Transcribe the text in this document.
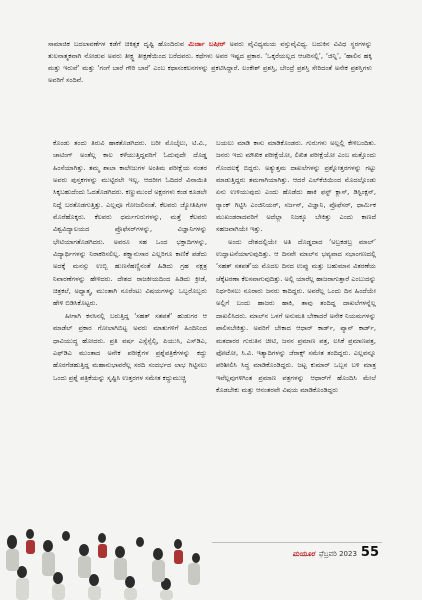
ಸಾಮಾಜಿಕ ಬದಲಾವಣೆಗಳ ಕಡೆಗೆ ಚಿಕಿತ್ಸಕ ದೃಷ್ಟಿ ಹೊಂದಿರುವ ಮಿರ್ಜಾ ಬಷೀರ್ ಅವರು ವೈವಿಧ್ಯಮಯ ವಸ್ತುವೈವಿಧ್ಯ. ಬದುಕಿನ ವಿವಿಧ ಸ್ಥರಗಳನ್ನು ತುಲನಾತ್ಮಕವಾಗಿ ನೋಡುವ ಅವರು ತೀಕ್ಷ್ಣ ತೀಕ್ಷಣೆಯಿಂದ ಬರೆದವರು. ಕಥೆಗಳು ಅವರ ಇಷ್ಟದ ಪ್ರಕಾರ. ‘ಒಕ್ಕರೆಯಲ್ಲದ ಆಚರಿಸಲ್ಲಿ’, ‘ಜಿನ್ನಿ’, ‘ಹಾಲಿನ ಹಕ್ಕಿ ಮತ್ತು ಇರುವೆ’ ಮತ್ತು ‘ಗಂಗೆ ಬಾರೆ ಗೌರಿ ಬಾರೆ’ ಎಂಬ ಕಥಾಸಂಕಲನಗಳನ್ನು ಪ್ರಕಟಿಸಿದ್ದಾರೆ. ಲಂಕೇಶ್ ಪ್ರಶಸ್ತಿ, ಬೇಂದ್ರೆ ಪ್ರಶಸ್ತಿ ಸೇರಿದಂತೆ ಅನೇಕ ಪ್ರಶಸ್ತಿಗಳು ಅವರಿಗೆ ಸಂದಿವೆ.

ಕೊಂಡು ತಂದು ತಿರುವಿ ಹಾಕತೊಡಗಿದರು. ಬರೀ ಮೊಬೈಲು, ಟಿ.ವಿ., ಚಾಟಿಂಗ್ ಅಂತೆಲ್ಲ ಕಾಲ ಕಳೆಯುತ್ತಿದ್ದವರಿಗೆ ಓದುವುದೇ ದೊಡ್ಡ ಹಿಂಸೆಯಾಗಿತ್ತು. ತಮ್ಮ ಶಾಲಾ ಕಾಲೇಜುಗಳ ಅಂತಿಮ ಪರೀಕ್ಷೆಯ ನಂತರ ಅವರು ಪುಸ್ತಕಗಳನ್ನು ಮುಟ್ಟಿರಲೇ ಇಲ್ಲ. ಆದರೀಗ ಓದಿದರೆ ವಿನಾಯಿತಿ ಸಿಕ್ಕಬಹುದೆಂದು ಓದತೊಡಗಿದರು. ಕಣ್ಣುಮುಂದೆ ಅಕ್ಷರಗಳು ಕಂಡ ಕೂಡಲೇ ನಿದ್ದೆ ಬರತೊಡಗುತ್ತಿತ್ತು. ಎಲ್ಲವೂ ಗೋಜಲಿನಂತೆ. ಕೆಲವರು ಜ್ಯೋತಿಷಿಗಳ ಮೊರೆಹೊಕ್ಕರು. ಕೆಲವರು ಧರ್ಮಗುರುಗಳನ್ನು, ಮತ್ತೆ ಕೆಲವರು ವಿಶ್ವವಿದ್ಯಾಲಯದ ಪ್ರೊಫೆಸರ್‌ಗಳನ್ನು, ವಿಜ್ಞಾನಿಗಳನ್ನು ಭೇಟಿಯಾಗತೊಡಗಿದರು. ಅವರೂ ಸಹ ಒಂದ ಭಕ್ತಾದಿಗಳನ್ನು, ವಿದ್ಯಾರ್ಥಿಗಳನ್ನು ನಿರಾಕರಿಸಲಿಲ್ಲ. ಶಕ್ತ್ಯಾನುಸಾರ ಎಲ್ಲರಿಗೂ ಕಾಣಿಕೆ ಪಡೆದು ಅದಕ್ಕೆ ಮನಸ್ಸು ಉಬ್ಬಿ ಹುಣಸೆಹಣ್ಣಿನಂತೆ ಹಿಡಿದು ಗ್ರಹ ನಕ್ಷತ್ರ ನಿವಾರಣೆಗಳನ್ನು ಹೇಳಿದರು. ದೇಶದ ರಾಜಕೀಯದಿಂದ ಹಿಡಿದು ಕ್ರೀಡೆ, ಚಿತ್ರಕಲೆ, ಅಧ್ಯಾತ್ಮ, ಮುಂತಾಗಿ ನೂರೆಂಟು ವಿಷಯಗಳನ್ನು ಒಬ್ಬರೊಬ್ಬರು ಹೇಳಿ ಬಿಡಿಸಿಕೊಟ್ಟರು.

ಹೀಗಾಗಿ ಕನಸಿನಲ್ಲಿ ಬರುತ್ತಿದ್ದ ‘ಸಹತ್ ಸತಪತೆ’ ಹುಡುಗರ ಆ ಮಾಡೆಲ್ ಪ್ರಕಾರ ಗೋಲಾಗಿಬಿಟ್ಟ ಅವರು ಮಾತುಗಳಿಗೆ ಹಿಂದಿನಿಂದ ಧಾವಿಯುದ್ಧ ಹೋದರು. ಪ್ರತಿ ವರ್ಷ ಎಸ್ಸೆಸ್ಸೆಲ್ಸಿ, ಪಿಯುಸಿ, ಎಸ್‌ಡಿಎ, ಎಫ್‌ಡಿ‌ಎ ಮುಂತಾದ ಅನೇಕ ಪರೀಕ್ಷೆಗಳ ಪ್ರಶ್ನೆಪತ್ರಿಕೆಗಳನ್ನು ಕದ್ದು ಹೊರಗೆಡಹುತ್ತಿದ್ದ ಮಹಾನುಭಾವರೆಲ್ಲ ಸರದಿ ಸಂದರ್ಭದ ಲಾಭ ಗಿಟ್ಟಿಸಲು ಒಂದು ಪ್ರಶ್ನೆ ಪತ್ರಿಕೆಯನ್ನು ಸೃಷ್ಟಿಸಿ ಉತ್ತರಗಳ ಸಮೇತ ಕದ್ದುಮುಚ್ಚಿ

ಬಯಲು ಮಾಡಿ ಕಾಸು ಮಾಡಿಕೊಂಡರು. ಗುರುಗಳು ಅಲ್ಲಲ್ಲಿ ಕೇಳಿಬಂದಿತು. ಜನರು ಇದು ಮೌಖಿಕ ಪರೀಕ್ಷೆಯೋ, ಲಿಖಿತ ಪರೀಕ್ಷೆಯೋ ಎಂಬ ಮತ್ತೊಂದು ಗೊಂದಲಕ್ಕೆ ಬಿದ್ದರು. ಅತ್ಯುತ್ತಮ ದಾಖಲೆಗಳನ್ನು ಪ್ರಶ್ನೋತ್ತರಗಳನ್ನು ಗಟ್ಟು ಮಾಡುತ್ತಿದ್ದರು ತಮಗಾಗಿಯಾಗಿತ್ತು. ಆದರೆ ಎಲ್‌ಕೆಜಿಯಿಂದ ಮೊದಲ್ಗೊಂಡು ಏನು ಉಳಿಯುವುದು ಎಂದು ಹೊಡೆದು ಹಾಕಿ ಫಸ್ಟ್ ಕ್ಲಾಸ್, ಡಿಸ್ಟಿಂಕ್ಷನ್, ರ‍್ಯಾಂಕ್ ಗಿಟ್ಟಿಸಿ ಎಂಜಿನಿಯರ್, ಸರ್ಜನ್, ವಿಜ್ಞಾನಿ, ಪ್ರೊಫೆಸರ್, ಧಾರ್ಮಿಕ ಮುಖಂಡರಾದವರಿಗೆ ಅದೆಲ್ಲಾ ನಿಜಕ್ಕೂ ಬೇಕಿತ್ತು ಎಂದು ಕಾಣದೆ ಸಹಜವಾಗಿಯೇ ಇತ್ತು.

ಅಂದು ದೇಶದಲ್ಲಿಯೇ ಅತಿ ದೊಡ್ಡದಾದ ‘ಅಬ್ರಕಡಬ್ರ ಮಾಲ್’ ಉದ್ಘಾಟನೆಯಾಗುವುದಿತ್ತು. ಆ ದಿನವೇ ಮಾಲ್‌ನ ಭವ್ಯವಾದ ಸಭಾಂಗಣದಲ್ಲಿ ‘ಸಹತ್ ಸತಪತೆ’ಯ ಮೊದಲ ದಿನದ ಉಪ್ಪು ಮತ್ತು ಬಹುಮಾನ ವಿತರಣೆಯ ಚೆಕ್ಕೆಟರಣಾ ಕೆಲಸವಾಗುವುದಿತ್ತು. ಅಲ್ಲಿ ಯಾರೆಲ್ಲ ಹಾಜರಾಗುತ್ತಾರೆ ಎಂಬುದನ್ನು ನಿರ್ಧರಿಸಲು ನೂರಾರು ಜನರು ಕಾದಿದ್ದರು. ಅವರೆಲ್ಲ ಒಂದು ದಿನ ಹಿಂದೆಯೇ ಅಲ್ಲಿಗೆ ಬಂದು ಹಾಜರು ಹಾಕಿ, ತಾವು ತಂದಿದ್ದ ದಾಖಲೆಗಳನ್ನೆಲ್ಲ ದಾಖಲಿಸಿದರು. ಮಾಲ್‌ನ ಒಳಗೆ ಅನುಮತಿ ಬೇಕಾದರೆ ಅನೇಕ ನಿಯಮಗಳನ್ನು ಪಾಲಿಸಬೇಕಿತ್ತು. ಅವರಿಗೆ ಬೇಕಾದ ಆಧಾರ್ ಕಾರ್ಡ್, ಪ್ಯಾನ್ ಕಾರ್ಡ್, ಮತದಾರರ ಗುರುತಿನ ಚೀಟಿ, ಜನನ ಪ್ರಮಾಣ ಪತ್ರ, ಲಸಿಕೆ ಪ್ರಮಾಣಪತ್ರ, ಫೋಟೋ, ಸಿ.ವಿ. ಇತ್ಯಾದಿಗಳನ್ನು ಜೆರಾಕ್ಸ್ ಸಮೇತ ತಂದಿದ್ದರು. ಎಲ್ಲವನ್ನೂ ಪರಿಶೀಲಿಸಿ ಸಿದ್ಧ ಮಾಡಿಕೊಂಡಿದ್ದರು. ಜಟ್ಟ ಕುಮಾರ್ ಒಬ್ಬನ ಬಳಿ ಮಾತ್ರ ಇವೆಲ್ಲವುಗಳಿಗಿಂತ ಪ್ರಮಾಣ ಪತ್ರಗಳನ್ನು ಆಧಾರ್‌ಗೆ ಹೊಂದಿಸಿ ಮೇಲೆ ಕೊಡಬೇಕು ಮತ್ತು ಆನಂತರವೇ ವಿಷಯ ಮಾಡಿಕೊಂಡಿದ್ದರು

ಮಯೂರ ಫೆಬ್ರವರಿ 2023 55
